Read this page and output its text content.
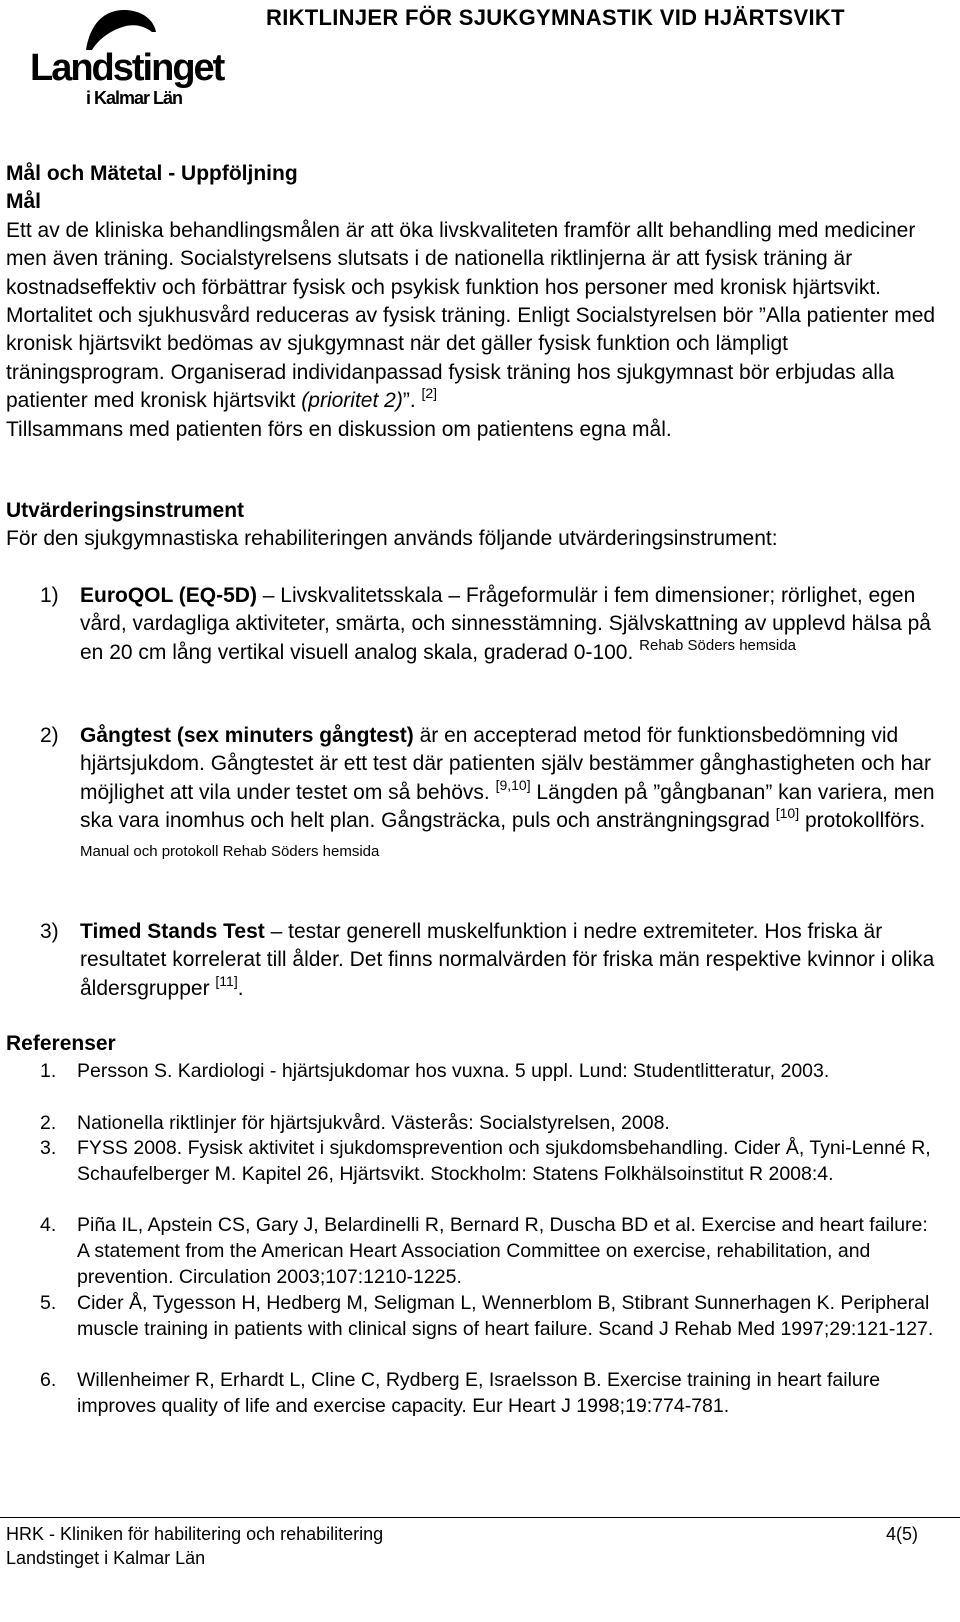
Landstinget
i Kalmar Län
RIKTLINJER FÖR SJUKGYMNASTIK VID HJÄRTSVIKT
Mål och Mätetal - Uppföljning
Mål
Ett av de kliniska behandlingsmålen är att öka livskvaliteten framför allt behandling med mediciner men även träning. Socialstyrelsens slutsats i de nationella riktlinjerna är att fysisk träning är kostnadseffektiv och förbättrar fysisk och psykisk funktion hos personer med kronisk hjärtsvikt. Mortalitet och sjukhusvård reduceras av fysisk träning. Enligt Socialstyrelsen bör ”Alla patienter med kronisk hjärtsvikt bedömas av sjukgymnast när det gäller fysisk funktion och lämpligt träningsprogram. Organiserad individanpassad fysisk träning hos sjukgymnast bör erbjudas alla patienter med kronisk hjärtsvikt (prioritet 2)”. [2]
Tillsammans med patienten förs en diskussion om patientens egna mål.
Utvärderingsinstrument
För den sjukgymnastiska rehabiliteringen används följande utvärderingsinstrument:
1) EuroQOL (EQ-5D) – Livskvalitetsskala – Frågeformulär i fem dimensioner; rörlighet, egen vård, vardagliga aktiviteter, smärta, och sinnesstämning. Självskattning av upplevd hälsa på en 20 cm lång vertikal visuell analog skala, graderad 0-100. $^{Rehab Söders hemsida}$
2) Gångtest (sex minuters gångtest) är en accepterad metod för funktionsbedömning vid hjärtsjukdom. Gångtestet är ett test där patienten själv bestämmer gånghastigheten och har möjlighet att vila under testet om så behövs. [9,10] Längden på ”gångbanan” kan variera, men ska vara inomhus och helt plan. Gångsträcka, puls och ansträngningsgrad [10] protokollförs. Manual och protokoll Rehab Söders hemsida
3) Timed Stands Test – testar generell muskelfunktion i nedre extremiteter. Hos friska är resultatet korrelerat till ålder. Det finns normalvärden för friska män respektive kvinnor i olika åldersgrupper [11].
Referenser
1. Persson S. Kardiologi - hjärtsjukdomar hos vuxna. 5 uppl. Lund: Studentlitteratur, 2003.
2. Nationella riktlinjer för hjärtsjukvård. Västerås: Socialstyrelsen, 2008.
3. FYSS 2008. Fysisk aktivitet i sjukdomsprevention och sjukdomsbehandling. Cider Å, Tyni-Lenné R, Schaufelberger M. Kapitel 26, Hjärtsvikt. Stockholm: Statens Folkhälsoinstitut R 2008:4.
4. Piña IL, Apstein CS, Gary J, Belardinelli R, Bernard R, Duscha BD et al. Exercise and heart failure: A statement from the American Heart Association Committee on exercise, rehabilitation, and prevention. Circulation 2003;107:1210-1225.
5. Cider Å, Tygesson H, Hedberg M, Seligman L, Wennerblom B, Stibrant Sunnerhagen K. Peripheral muscle training in patients with clinical signs of heart failure. Scand J Rehab Med 1997;29:121-127.
6. Willenheimer R, Erhardt L, Cline C, Rydberg E, Israelsson B. Exercise training in heart failure improves quality of life and exercise capacity. Eur Heart J 1998;19:774-781.
HRK - Kliniken för habilitering och rehabilitering
Landstinget i Kalmar Län
4(5)
